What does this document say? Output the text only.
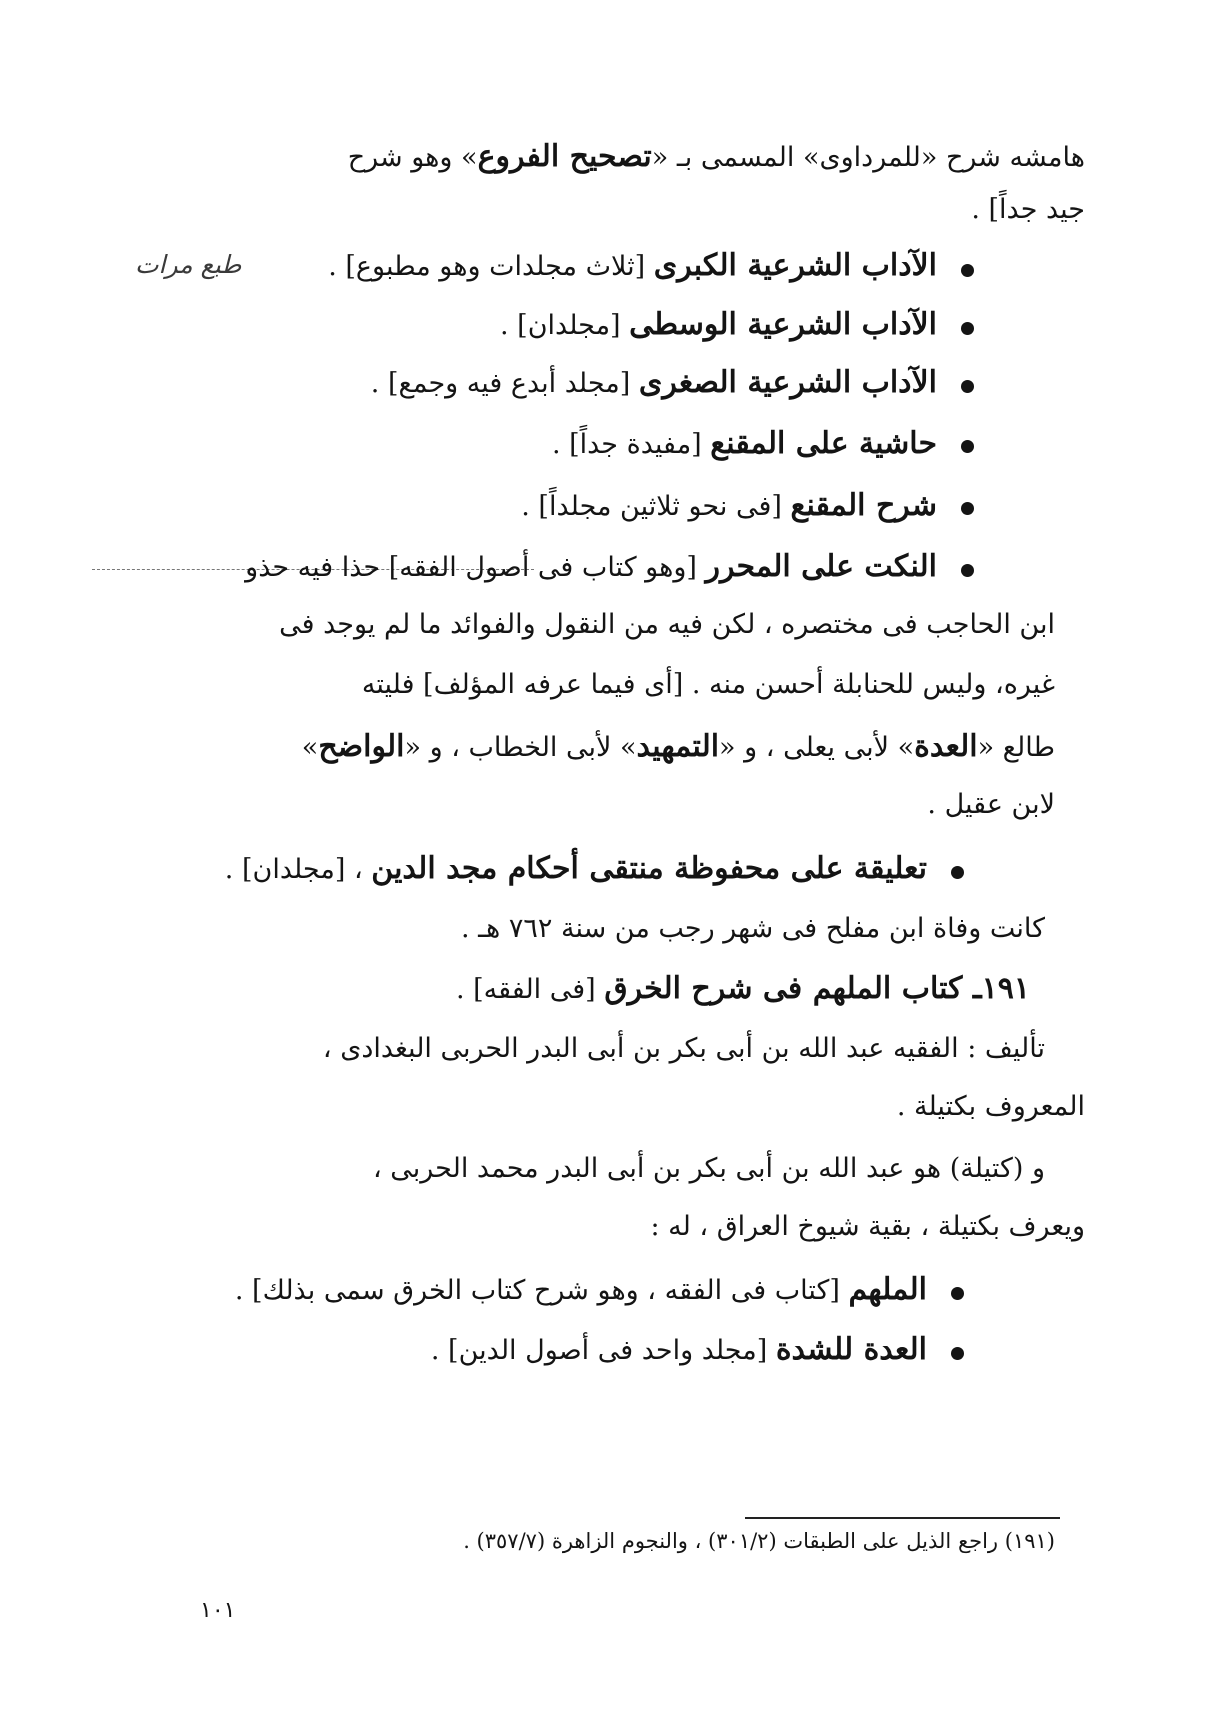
هامشه شرح «للمرداوى» المسمى بـ «تصحيح الفروع» وهو شرح
جيد جداً] .
الآداب الشرعية الكبرى [ثلاث مجلدات وهو مطبوع] .
طبع مرات
الآداب الشرعية الوسطى [مجلدان] .
الآداب الشرعية الصغرى [مجلد أبدع فيه وجمع] .
حاشية على المقنع [مفيدة جداً] .
شرح المقنع [فى نحو ثلاثين مجلداً] .
النكت على المحرر [وهو كتاب فى أصول الفقه] حذا فيه حذو
ابن الحاجب فى مختصره ، لكن فيه من النقول والفوائد ما لم يوجد فى
غيره، وليس للحنابلة أحسن منه . [أى فيما عرفه المؤلف] فليته
طالع «العدة» لأبى يعلى ، و «التمهيد» لأبى الخطاب ، و «الواضح»
لابن عقيل .
تعليقة على محفوظة منتقى أحكام مجد الدين ، [مجلدان] .
كانت وفاة ابن مفلح فى شهر رجب من سنة ٧٦٢ هـ .
١٩١ـ كتاب الملهم فى شرح الخرق [فى الفقه] .
تأليف : الفقيه عبد الله بن أبى بكر بن أبى البدر الحربى البغدادى ،
المعروف بكتيلة .
و (كتيلة) هو عبد الله بن أبى بكر بن أبى البدر محمد الحربى ،
ويعرف بكتيلة ، بقية شيوخ العراق ، له :
الملهم [كتاب فى الفقه ، وهو شرح كتاب الخرق سمى بذلك] .
العدة للشدة [مجلد واحد فى أصول الدين] .
(١٩١) راجع الذيل على الطبقات (٣٠١/٢) ، والنجوم الزاهرة (٣٥٧/٧) .
١٠١
